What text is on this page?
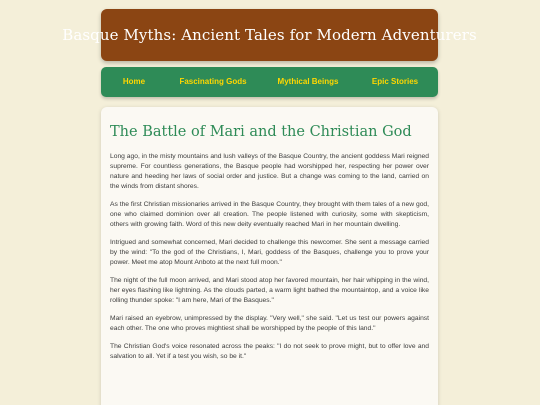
Basque Myths: Ancient Tales for Modern Adventurers
Home	Fascinating Gods	Mythical Beings	Epic Stories
The Battle of Mari and the Christian God

Long ago, in the misty mountains and lush valleys of the Basque Country, the ancient goddess Mari reigned supreme. For countless generations, the Basque people had worshipped her, respecting her power over nature and heeding her laws of social order and justice. But a change was coming to the land, carried on the winds from distant shores.

As the first Christian missionaries arrived in the Basque Country, they brought with them tales of a new god, one who claimed dominion over all creation. The people listened with curiosity, some with skepticism, others with growing faith. Word of this new deity eventually reached Mari in her mountain dwelling.

Intrigued and somewhat concerned, Mari decided to challenge this newcomer. She sent a message carried by the wind: "To the god of the Christians, I, Mari, goddess of the Basques, challenge you to prove your power. Meet me atop Mount Anboto at the next full moon."

The night of the full moon arrived, and Mari stood atop her favored mountain, her hair whipping in the wind, her eyes flashing like lightning. As the clouds parted, a warm light bathed the mountaintop, and a voice like rolling thunder spoke: "I am here, Mari of the Basques."

Mari raised an eyebrow, unimpressed by the display. "Very well," she said. "Let us test our powers against each other. The one who proves mightiest shall be worshipped by the people of this land."

The Christian God's voice resonated across the peaks: "I do not seek to prove might, but to offer love and salvation to all. Yet if a test you wish, so be it."
